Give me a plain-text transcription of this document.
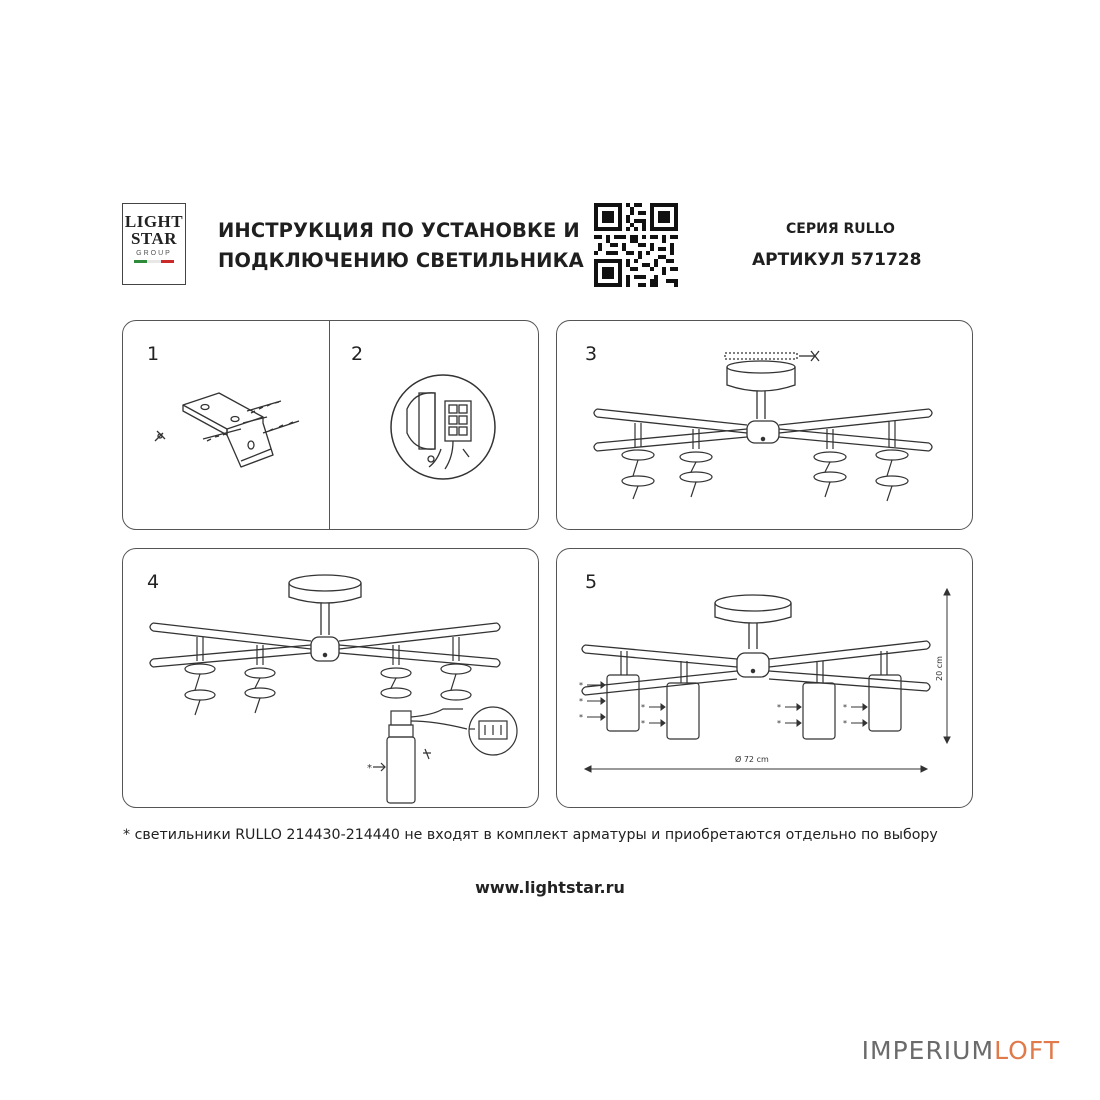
LIGHT
STAR
GROUP
ИНСТРУКЦИЯ ПО УСТАНОВКЕ И
ПОДКЛЮЧЕНИЮ СВЕТИЛЬНИКА
СЕРИЯ RULLO
АРТИКУЛ 571728
1	2	3
4
*
5
*
*
*
*
*
*
*
*
*
20 cm
Ø 72 cm
* светильники RULLO 214430-214440 не входят в комплект арматуры и приобретаются отдельно по выбору
www.lightstar.ru
IMPERIUMLOFT
